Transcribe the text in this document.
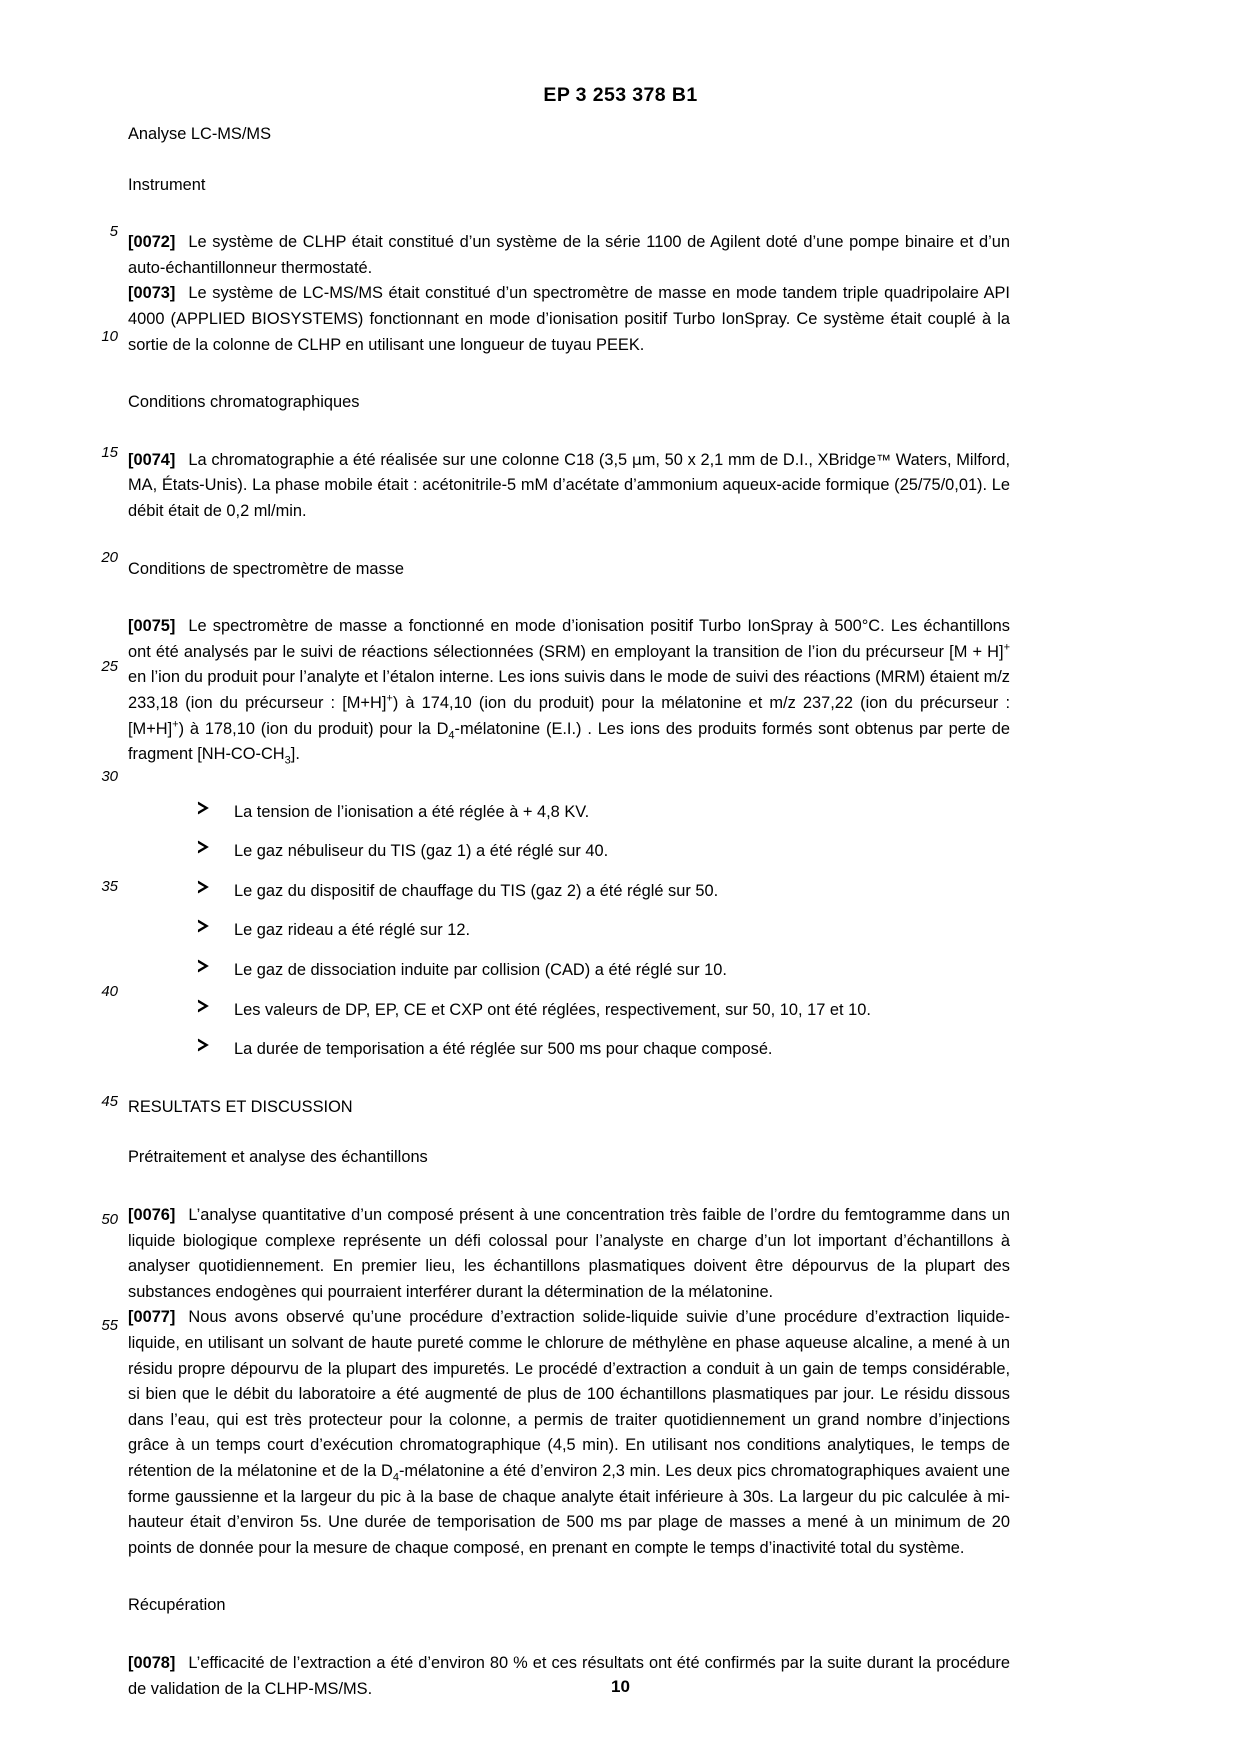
EP 3 253 378 B1
5
10
15
20
25
30
35
40
45
50
55
Analyse LC-MS/MS
Instrument

[0072] Le système de CLHP était constitué d’un système de la série 1100 de Agilent doté d’une pompe binaire et d’un auto-échantillonneur thermostaté.

[0073] Le système de LC-MS/MS était constitué d’un spectromètre de masse en mode tandem triple quadripolaire API 4000 (APPLIED BIOSYSTEMS) fonctionnant en mode d’ionisation positif Turbo IonSpray. Ce système était couplé à la sortie de la colonne de CLHP en utilisant une longueur de tuyau PEEK.

Conditions chromatographiques

[0074] La chromatographie a été réalisée sur une colonne C18 (3,5 μm, 50 x 2,1 mm de D.I., XBridge™ Waters, Milford, MA, États-Unis). La phase mobile était : acétonitrile-5 mM d’acétate d’ammonium aqueux-acide formique (25/75/0,01). Le débit était de 0,2 ml/min.

Conditions de spectromètre de masse

[0075] Le spectromètre de masse a fonctionné en mode d’ionisation positif Turbo IonSpray à 500°C. Les échantillons ont été analysés par le suivi de réactions sélectionnées (SRM) en employant la transition de l’ion du précurseur [M + H]+ en l’ion du produit pour l’analyte et l’étalon interne. Les ions suivis dans le mode de suivi des réactions (MRM) étaient m/z 233,18 (ion du précurseur : [M+H]+) à 174,10 (ion du produit) pour la mélatonine et m/z 237,22 (ion du précurseur : [M+H]+) à 178,10 (ion du produit) pour la $D_4$-mélatonine (E.I.) . Les ions des produits formés sont obtenus par perte de fragment $[NH-CO-CH_3]$.

La tension de l’ionisation a été réglée à + 4,8 KV.
Le gaz nébuliseur du TIS (gaz 1) a été réglé sur 40.
Le gaz du dispositif de chauffage du TIS (gaz 2) a été réglé sur 50.
Le gaz rideau a été réglé sur 12.
Le gaz de dissociation induite par collision (CAD) a été réglé sur 10.
Les valeurs de DP, EP, CE et CXP ont été réglées, respectivement, sur 50, 10, 17 et 10.
La durée de temporisation a été réglée sur 500 ms pour chaque composé.
RESULTATS ET DISCUSSION
Prétraitement et analyse des échantillons

[0076] L’analyse quantitative d’un composé présent à une concentration très faible de l’ordre du femtogramme dans un liquide biologique complexe représente un défi colossal pour l’analyste en charge d’un lot important d’échantillons à analyser quotidiennement. En premier lieu, les échantillons plasmatiques doivent être dépourvus de la plupart des substances endogènes qui pourraient interférer durant la détermination de la mélatonine.

[0077] Nous avons observé qu’une procédure d’extraction solide-liquide suivie d’une procédure d’extraction liquide-liquide, en utilisant un solvant de haute pureté comme le chlorure de méthylène en phase aqueuse alcaline, a mené à un résidu propre dépourvu de la plupart des impuretés. Le procédé d’extraction a conduit à un gain de temps considérable, si bien que le débit du laboratoire a été augmenté de plus de 100 échantillons plasmatiques par jour. Le résidu dissous dans l’eau, qui est très protecteur pour la colonne, a permis de traiter quotidiennement un grand nombre d’injections grâce à un temps court d’exécution chromatographique (4,5 min). En utilisant nos conditions analytiques, le temps de rétention de la mélatonine et de la $D_4$-mélatonine a été d’environ 2,3 min. Les deux pics chromatographiques avaient une forme gaussienne et la largeur du pic à la base de chaque analyte était inférieure à 30s. La largeur du pic calculée à mi-hauteur était d’environ 5s. Une durée de temporisation de 500 ms par plage de masses a mené à un minimum de 20 points de donnée pour la mesure de chaque composé, en prenant en compte le temps d’inactivité total du système.

Récupération

[0078] L’efficacité de l’extraction a été d’environ 80 % et ces résultats ont été confirmés par la suite durant la procédure de validation de la CLHP-MS/MS.	10
